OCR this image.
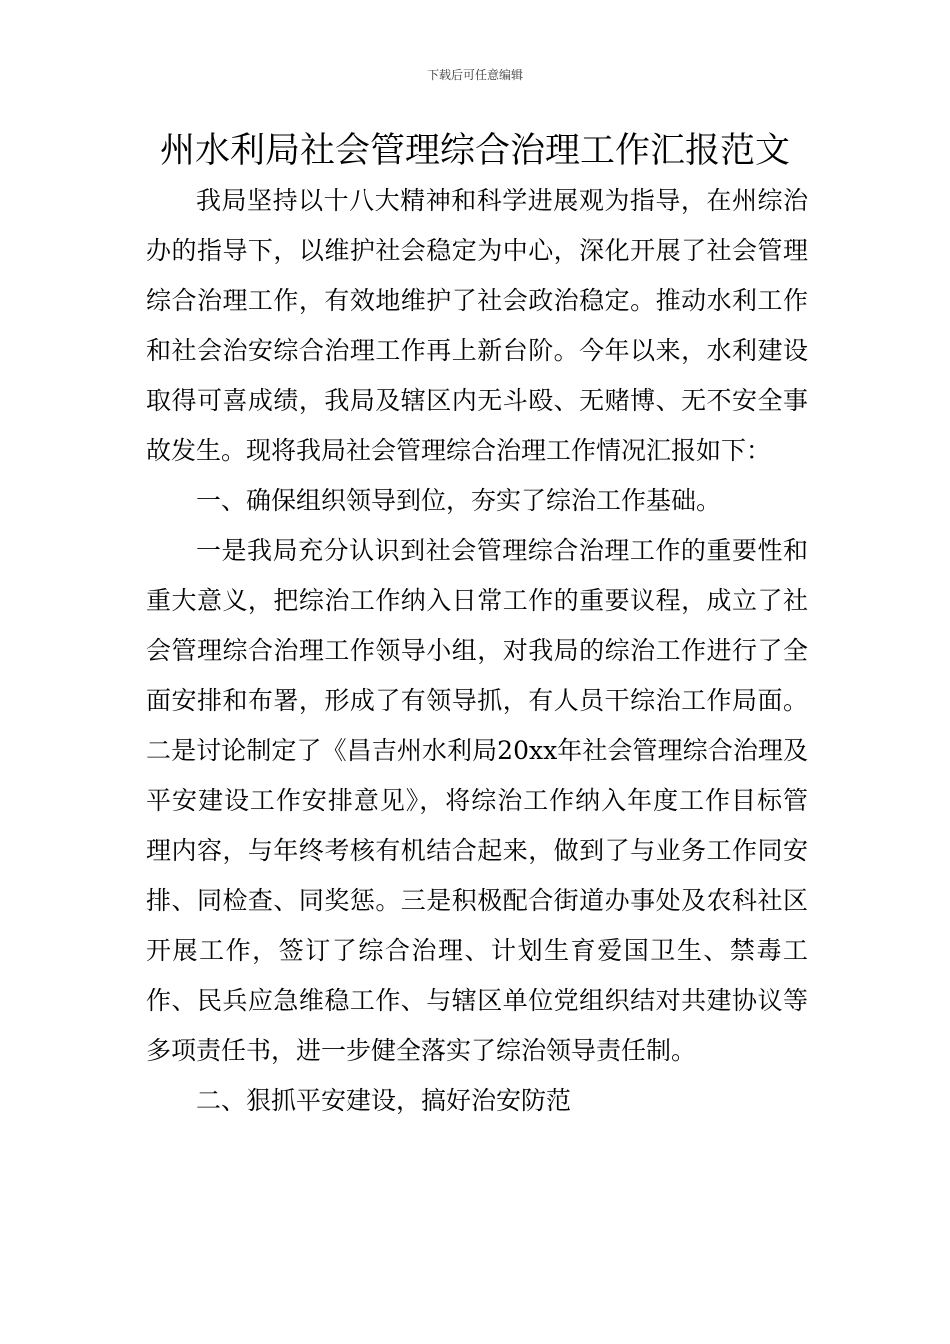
下载后可任意编辑
州水利局社会管理综合治理工作汇报范文

我局坚持以十八大精神和科学进展观为指导，在州综治办的指导下，以维护社会稳定为中心，深化开展了社会管理综合治理工作，有效地维护了社会政治稳定。推动水利工作和社会治安综合治理工作再上新台阶。今年以来，水利建设取得可喜成绩，我局及辖区内无斗殴、无赌博、无不安全事故发生。现将我局社会管理综合治理工作情况汇报如下：

一、确保组织领导到位，夯实了综治工作基础。

一是我局充分认识到社会管理综合治理工作的重要性和重大意义，把综治工作纳入日常工作的重要议程，成立了社会管理综合治理工作领导小组，对我局的综治工作进行了全面安排和布署，形成了有领导抓，有人员干综治工作局面。 二是讨论制定了《昌吉州水利局20xx年社会管理综合治理及平安建设工作安排意见》，将综治工作纳入年度工作目标管理内容，与年终考核有机结合起来，做到了与业务工作同安排、同检查、同奖惩。三是积极配合街道办事处及农科社区开展工作，签订了综合治理、计划生育爱国卫生、禁毒工作、民兵应急维稳工作、与辖区单位党组织结对共建协议等多项责任书，进一步健全落实了综治领导责任制。

二、狠抓平安建设，搞好治安防范
